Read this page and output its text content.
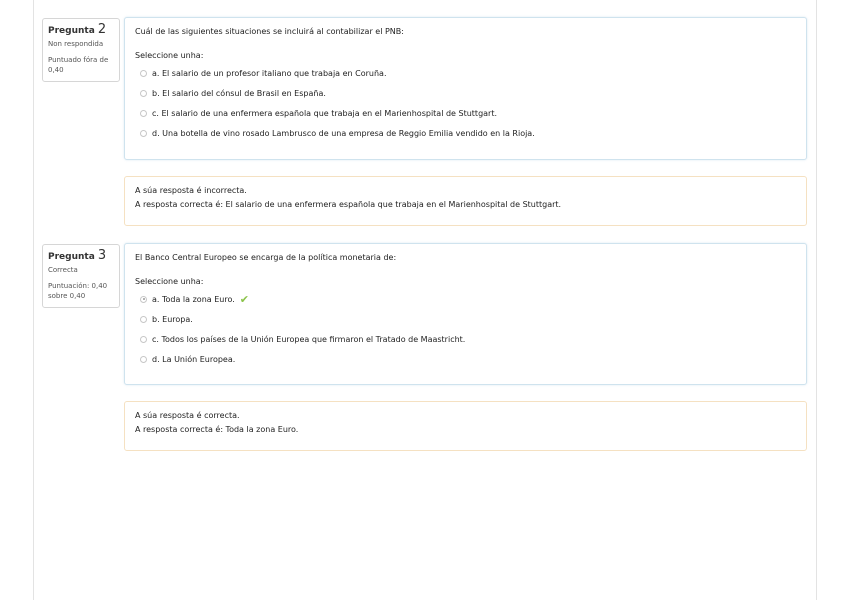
Pregunta 2
Non respondida
Puntuado fóra de 0,40
Cuál de las siguientes situaciones se incluirá al contabilizar el PNB:
Seleccione unha:
a. El salario de un profesor italiano que trabaja en Coruña.
b. El salario del cónsul de Brasil en España.
c. El salario de una enfermera española que trabaja en el Marienhospital de Stuttgart.
d. Una botella de vino rosado Lambrusco de una empresa de Reggio Emilia vendido en la Rioja.
A súa resposta é incorrecta.
A resposta correcta é: El salario de una enfermera española que trabaja en el Marienhospital de Stuttgart.
Pregunta 3
Correcta
Puntuación: 0,40 sobre 0,40
El Banco Central Europeo se encarga de la política monetaria de:
Seleccione unha:
a. Toda la zona Euro. ✔
b. Europa.
c. Todos los países de la Unión Europea que firmaron el Tratado de Maastricht.
d. La Unión Europea.
A súa resposta é correcta.
A resposta correcta é: Toda la zona Euro.
